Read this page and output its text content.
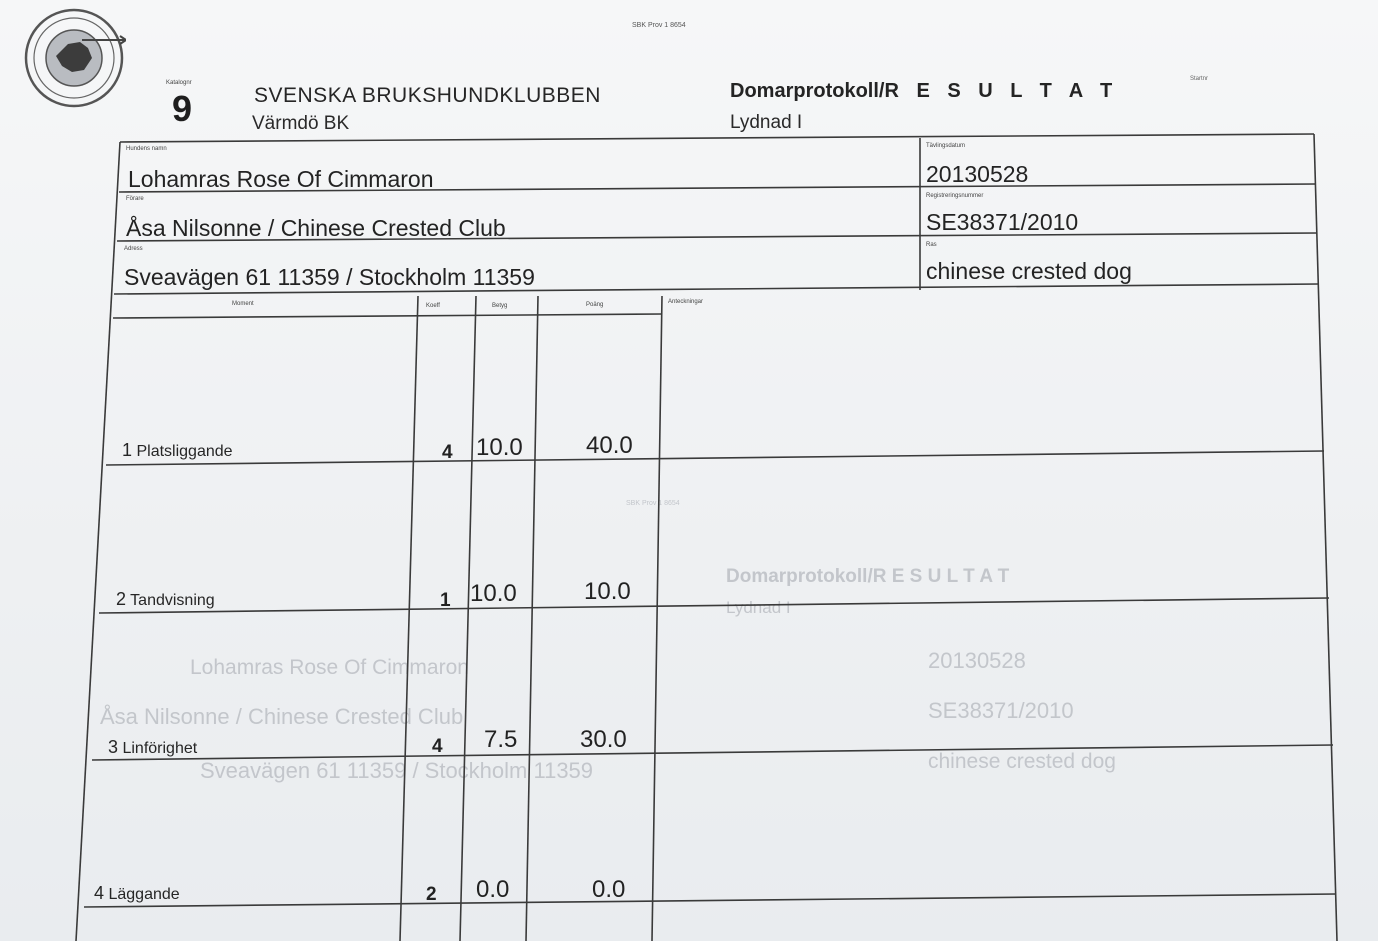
SBK Prov 1 8654
Domarprotokoll/R E S U L T A T
Lydnad I
Lohamras Rose Of Cimmaron
Åsa Nilsonne / Chinese Crested Club
Sveavägen 61 11359 / Stockholm 11359
20130528
SE38371/2010
chinese crested dog
SBK Prov 1 8654
Katalognr
9	SVENSKA BRUKSHUNDKLUBBEN
Värmdö BK
Domarprotokoll/R E S U L T A T
Lydnad I
Startnr
Hundens namn
Lohamras Rose Of Cimmaron
Tävlingsdatum
20130528
Förare
Åsa Nilsonne / Chinese Crested Club
Registreringsnummer
SE38371/2010
Adress
Sveavägen 61 11359 / Stockholm 11359
Ras
chinese crested dog
Moment	Koeff	Betyg	Poäng	Anteckningar
1 Platsliggande	4 10.0	40.0
2 Tandvisning	1 10.0	10.0
3 Linförighet	4 7.5	30.0
4 Läggande	2 0.0	0.0
